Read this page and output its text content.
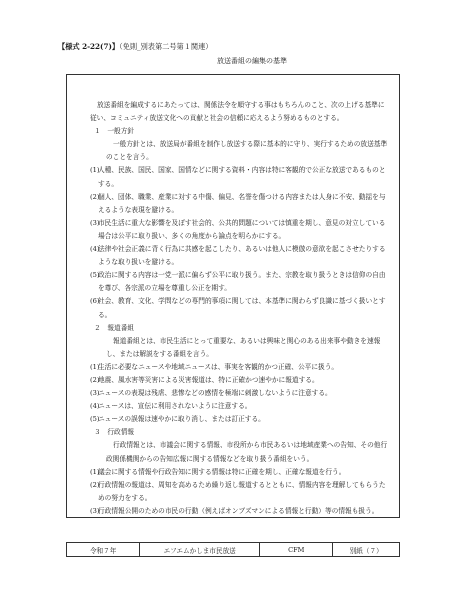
【様式 2-22(7)】（免則_別表第二号第１関連）
放送番組の編集の基準
放送番組を編成するにあたっては、関係法令を順守する事はもちろんのこと、次の上げる基準に従い、コミュニティ放送文化への貢献と社会の信頼に応えるよう努めるものとする。
１　一般方針
一般方針とは、放送局が番組を制作し放送する際に基本的に守り、実行するための放送基準のことを言う。
(1)
人種、民族、国民、国家、国情などに関する資料・内容は特に客観的で公正な放送であるものとする。
(2)
個人、団体、職業、産業に対する中傷、偏見、名誉を傷つける内容または人身に不安、動揺を与えるような表現を避ける。
(3)
市民生活に重大な影響を及ぼす社会的、公共的問題については慎重を期し、意見の対立している場合は公平に取り扱い、多くの角度から論点を明らかにする。
(4)
法律や社会正義に背く行為に共感を起こしたり、あるいは他人に模倣の意欲を起こさせたりするような取り扱いを避ける。
(5)
政治に関する内容は一党一派に偏らず公平に取り扱う。また、宗教を取り扱うときは信仰の自由を尊び、各宗派の立場を尊重し公正を期す。
(6)
社会、教育、文化、学問などの専門的事項に関しては、本基準に関わらず良識に基づく扱いとする。
２　報道番組
報道番組とは、市民生活にとって重要な、あるいは興味と関心のある出来事や動きを速報し、または解説をする番組を言う。
(1)
生活に必要なニュースや地域ニュースは、事実を客観的かつ正確、公平に扱う。
(2)
地震、風水害等災害による災害報道は、特に正確かつ速やかに報道する。
(3)
ニュースの表現は残虐、悲惨などの感情を極端に刺激しないように注意する。
(4)
ニュースは、宣伝に利用されないように注意する。
(5)
ニュースの誤報は速やかに取り消し、または訂正する。
３　行政情報
行政情報とは、市議会に関する情報、市役所から市民あるいは地域産業への告知、その他行政関係機関からの告知広報に関する情報などを取り扱う番組をいう。
(1)
議会に関する情報や行政告知に関する情報は特に正確を期し、正確な報道を行う。
(2)
行政情報の報道は、周知を高めるため繰り返し報道するとともに、情報内容を理解してもらうための努力をする。
(3)
行政情報公開のための市民の行動（例えばオンブズマンによる情報と行動）等の情報も扱う。
令和７年	エフエムかしま市民放送	CFM	別紙（７）
